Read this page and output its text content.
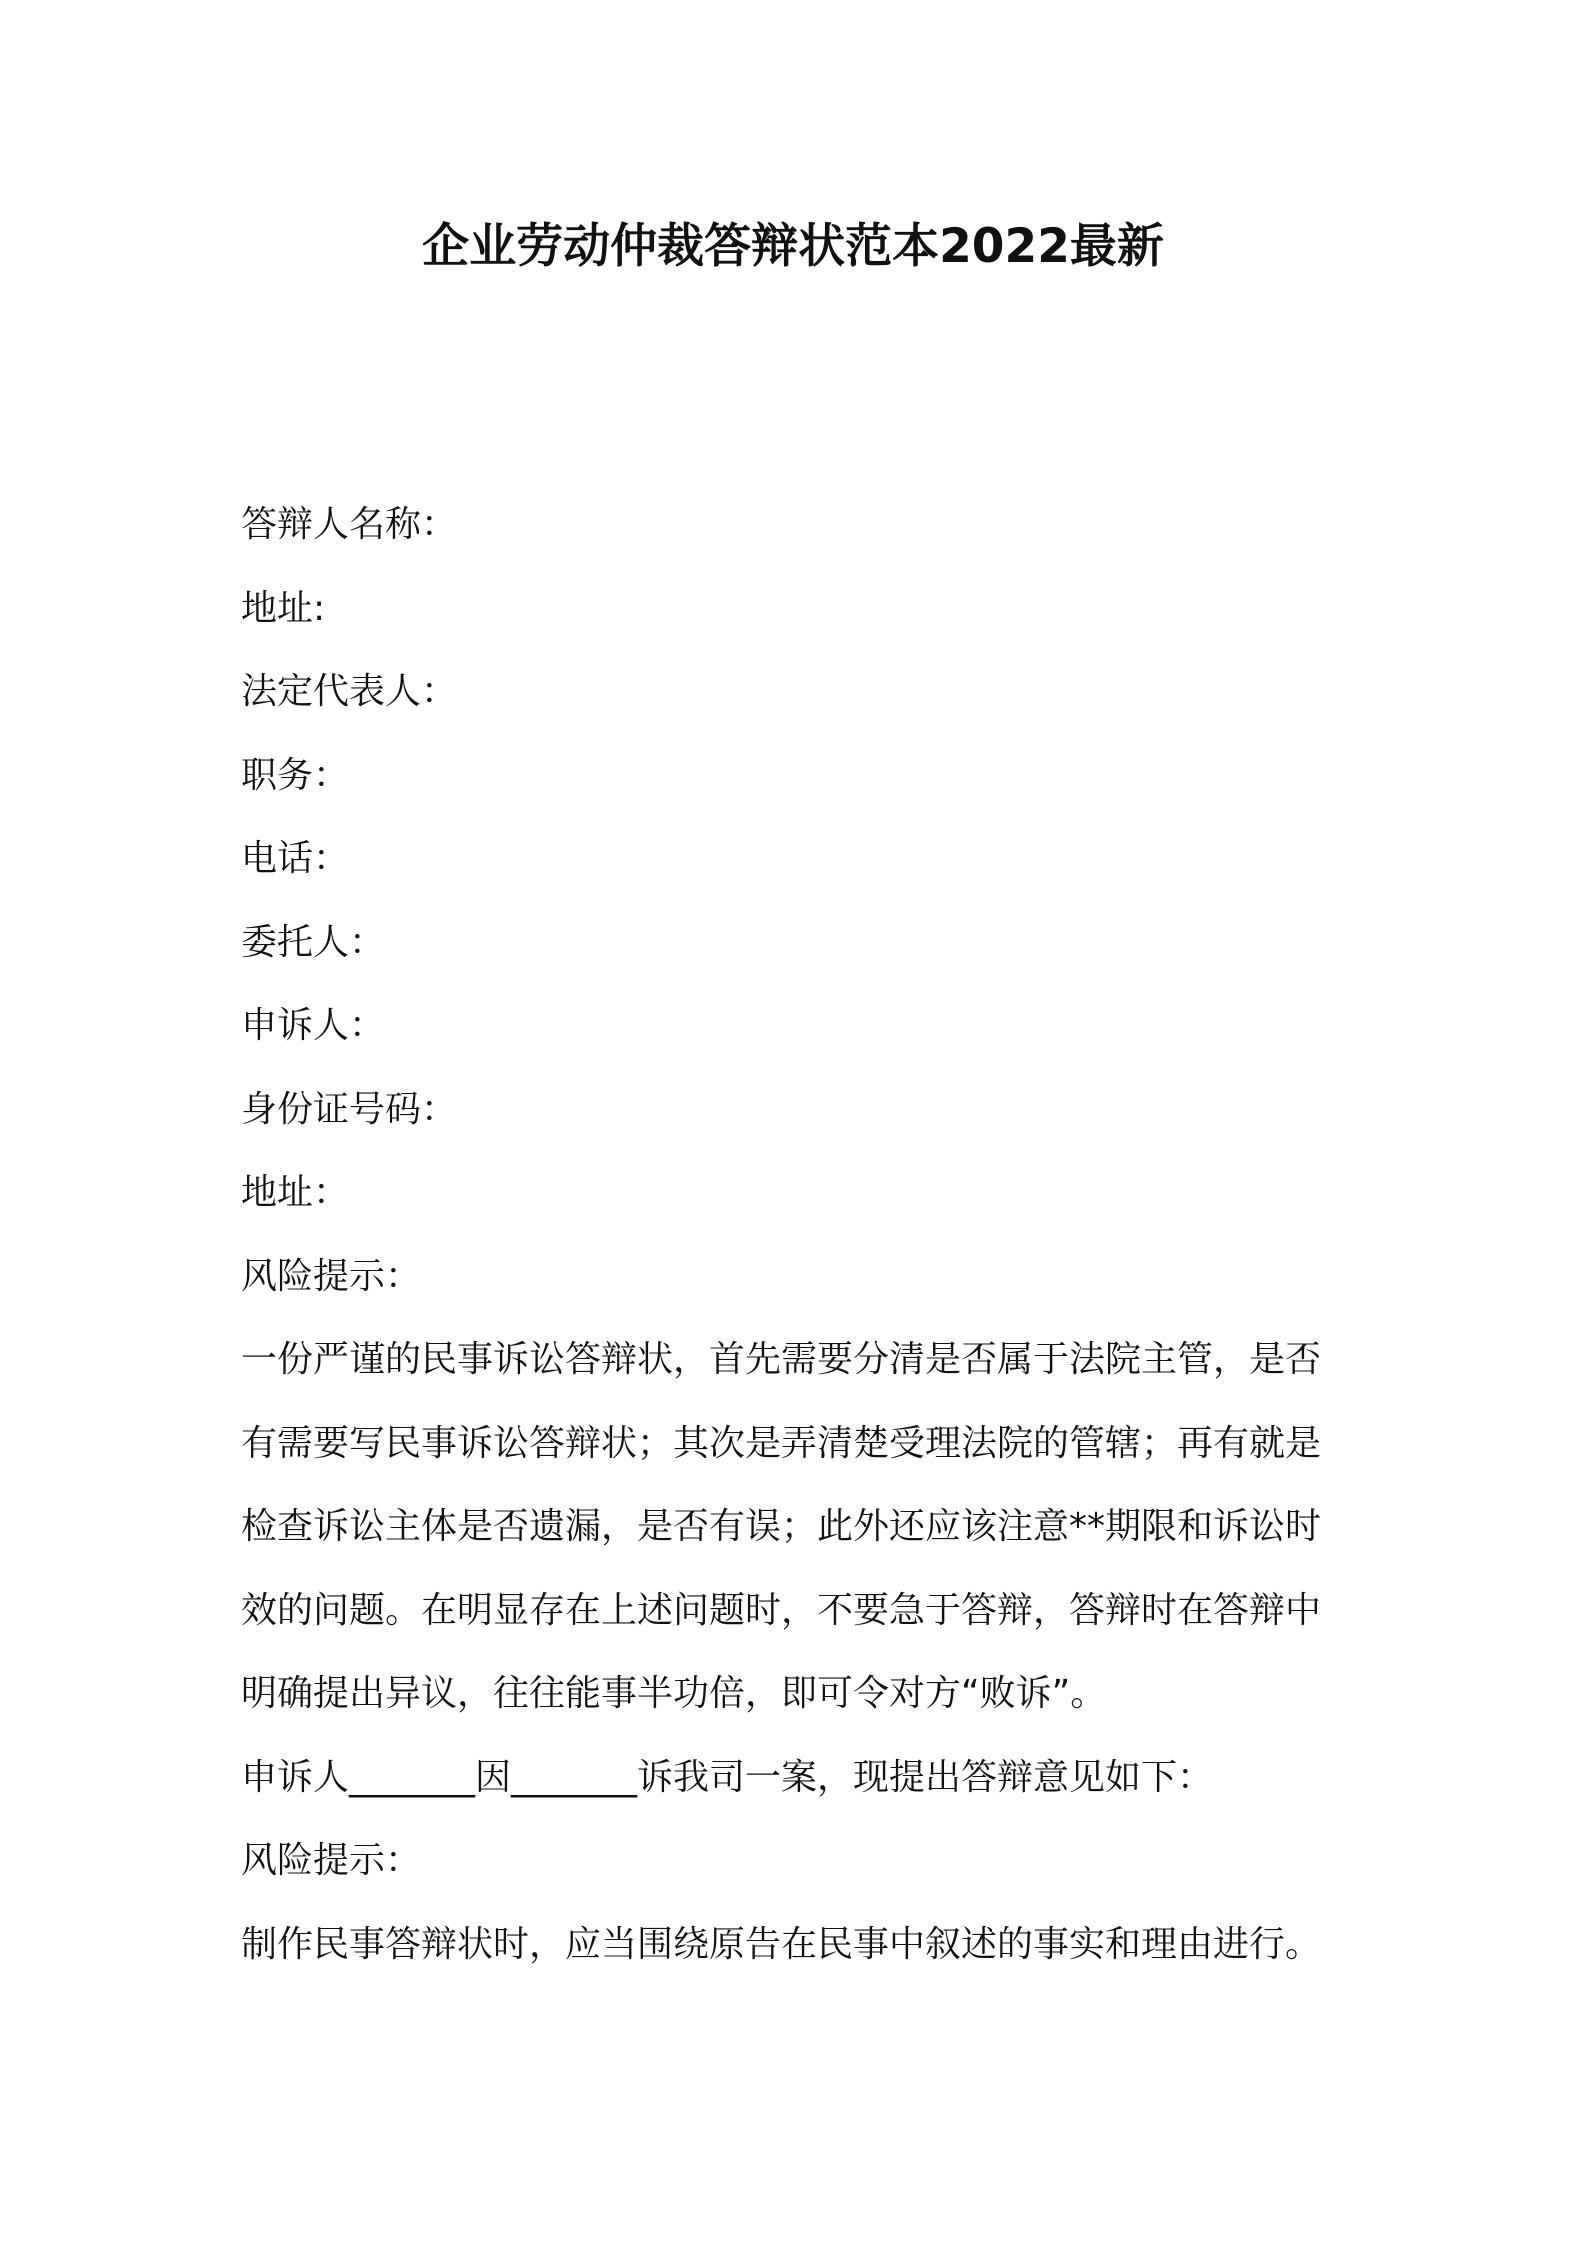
企业劳动仲裁答辩状范本2022最新
答辩人名称：
地址:
法定代表人：
职务：
电话：
委托人：
申诉人：
身份证号码：
地址：
风险提示：
一份严谨的民事诉讼答辩状，首先需要分清是否属于法院主管，是否
有需要写民事诉讼答辩状；其次是弄清楚受理法院的管辖；再有就是
检查诉讼主体是否遗漏，是否有误；此外还应该注意**期限和诉讼时
效的问题。在明显存在上述问题时，不要急于答辩，答辩时在答辩中
明确提出异议，往往能事半功倍，即可令对方“败诉”。
申诉人_______因_______诉我司一案，现提出答辩意见如下：
风险提示：
制作民事答辩状时，应当围绕原告在民事中叙述的事实和理由进行。
